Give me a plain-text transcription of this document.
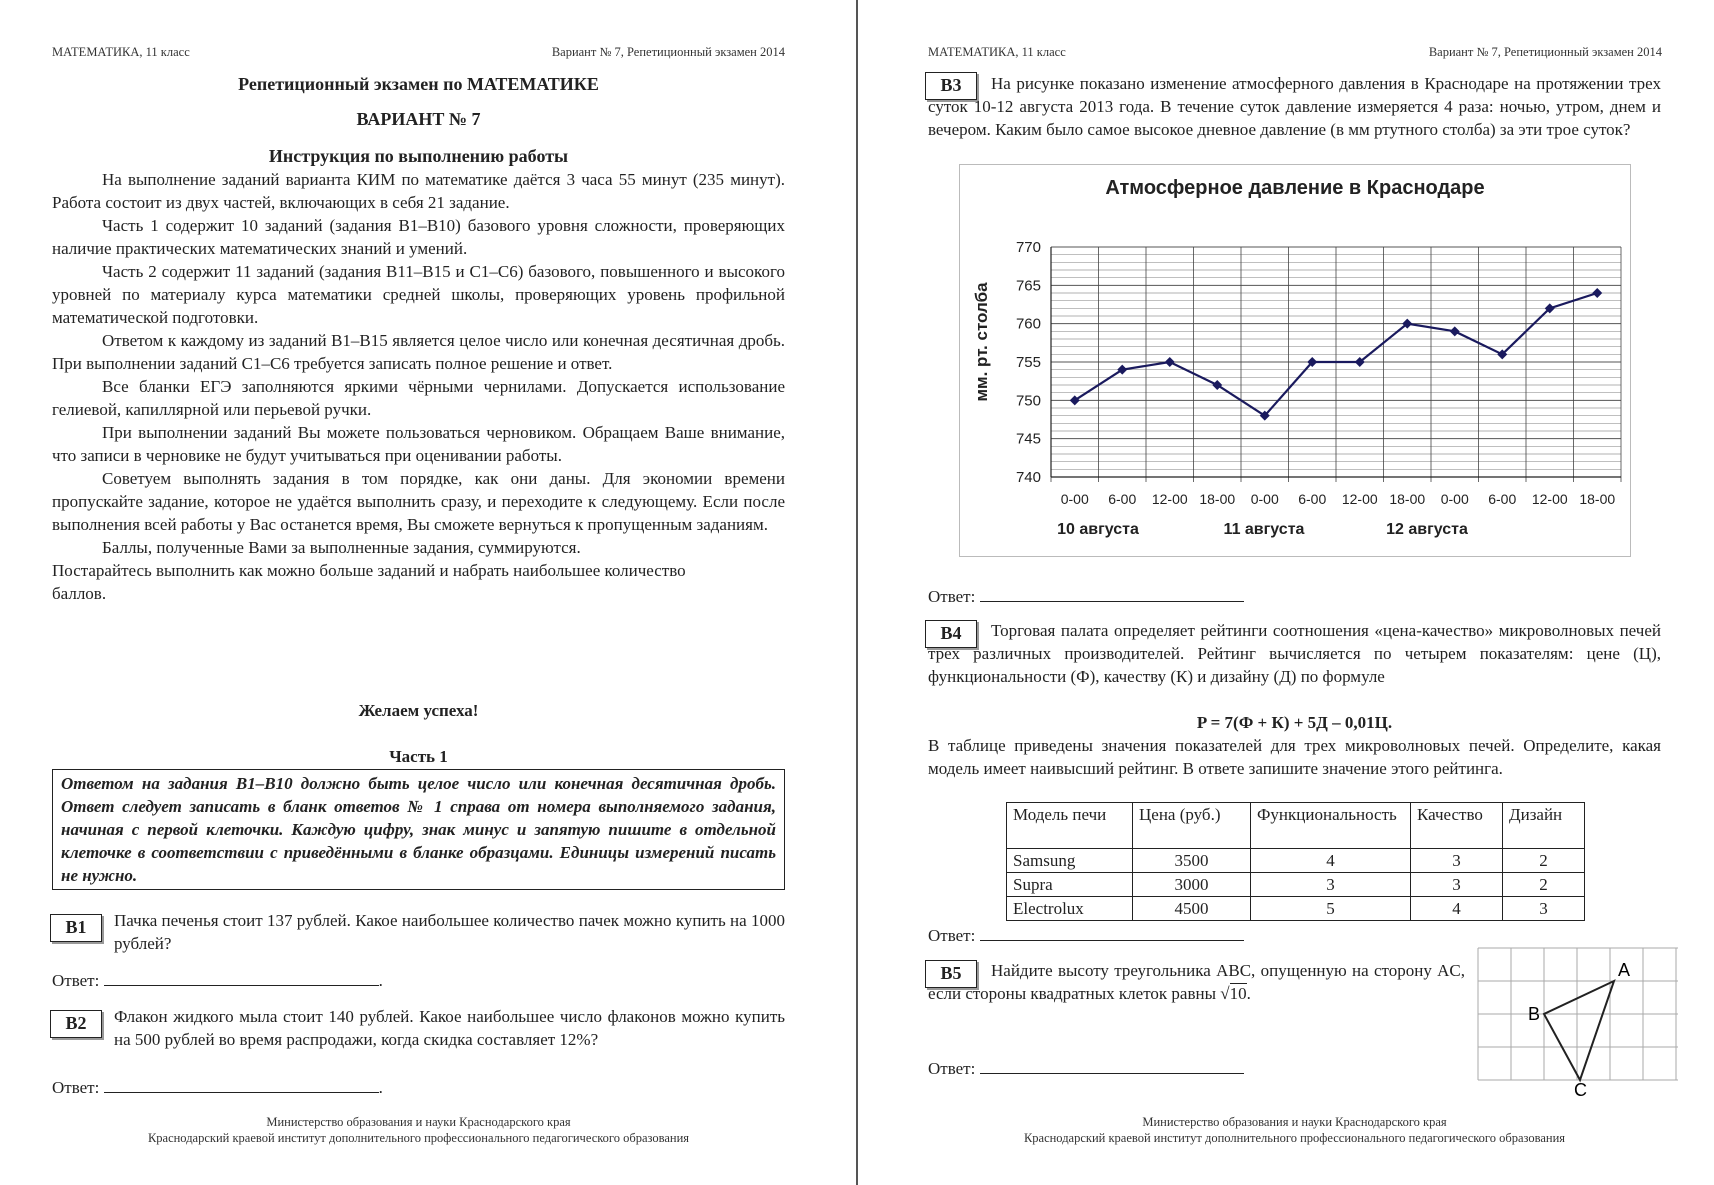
МАТЕМАТИКА, 11 класс	Вариант № 7, Репетиционный экзамен 2014
Репетиционный экзамен по МАТЕМАТИКЕ
ВАРИАНТ № 7
Инструкция по выполнению работы

На выполнение заданий варианта КИМ по математике даётся 3 часа 55 минут (235 минут). Работа состоит из двух частей, включающих в себя 21 задание.

Часть 1 содержит 10 заданий (задания В1–В10) базового уровня сложности, проверяющих наличие практических математических знаний и умений.

Часть 2 содержит 11 заданий (задания В11–В15 и С1–С6) базового, повышенного и высокого уровней по материалу курса математики средней школы, проверяющих уровень профильной математической подготовки.

Ответом к каждому из заданий В1–В15 является целое число или конечная десятичная дробь. При выполнении заданий С1–С6 требуется записать полное решение и ответ.

Все бланки ЕГЭ заполняются яркими чёрными чернилами. Допускается использование гелиевой, капиллярной или перьевой ручки.

При выполнении заданий Вы можете пользоваться черновиком. Обращаем Ваше внимание, что записи в черновике не будут учитываться при оценивании работы.

Советуем выполнять задания в том порядке, как они даны. Для экономии времени пропускайте задание, которое не удаётся выполнить сразу, и переходите к следующему. Если после выполнения всей работы у Вас останется время, Вы сможете вернуться к пропущенным заданиям.

Баллы, полученные Вами за выполненные задания, суммируются.

Постарайтесь выполнить как можно больше заданий и набрать наибольшее количество баллов.

Желаем успеха!
Часть 1
Ответом на задания В1–В10 должно быть целое число или конечная десятичная дробь. Ответ следует записать в бланк ответов № 1 справа от номера выполняемого задания, начиная с первой клеточки. Каждую цифру, знак минус и запятую пишите в отдельной клеточке в соответствии с приведёнными в бланке образцами. Единицы измерений писать не нужно.
В1	Пачка печенья стоит 137 рублей. Какое наибольшее количество пачек можно купить на 1000 рублей?
Ответ:	.
В2	Флакон жидкого мыла стоит 140 рублей. Какое наибольшее число флаконов можно купить на 500 рублей во время распродажи, когда скидка составляет 12%?
Ответ:	.
Министерство образования и науки Краснодарского края
Краснодарский краевой институт дополнительного профессионального педагогического образования
МАТЕМАТИКА, 11 класс	Вариант № 7, Репетиционный экзамен 2014
В3	На рисунке показано изменение атмосферного давления в Краснодаре на протяжении трех суток 10-12 августа 2013 года. В течение суток давление измеряется 4 раза: ночью, утром, днем и вечером. Каким было самое высокое дневное давление (в мм ртутного столба) за эти трое суток?
Атмосферное давление в Краснодаре
мм. рт. столба
740
745
750
755
760
765
770
0-00 6-00 12-00 18-00 0-00 6-00 12-00 18-00 0-00 6-00 12-00 18-00
10 августа	11 августа	12 августа
Ответ:
В4	Торговая палата определяет рейтинги соотношения «цена-качество» микроволновых печей трех различных производителей. Рейтинг вычисляется по четырем показателям: цене (Ц), функциональности (Ф), качеству (К) и дизайну (Д) по формуле
P = 7(Ф + К) + 5Д – 0,01Ц.
В таблице приведены значения показателей для трех микроволновых печей. Определите, какая модель имеет наивысший рейтинг. В ответе запишите значение этого рейтинга.
Модель печи	Цена (руб.)	Функциональность	Качество	Дизайн
Samsung	3500	4	3	2
Supra	3000	3	3	2
Electrolux	4500	5	4	3
Ответ:
В5	Найдите высоту треугольника ABC, опущенную на сторону AC, если стороны квадратных клеток равны √10.
Ответ:
A
B
C
Министерство образования и науки Краснодарского края
Краснодарский краевой институт дополнительного профессионального педагогического образования
